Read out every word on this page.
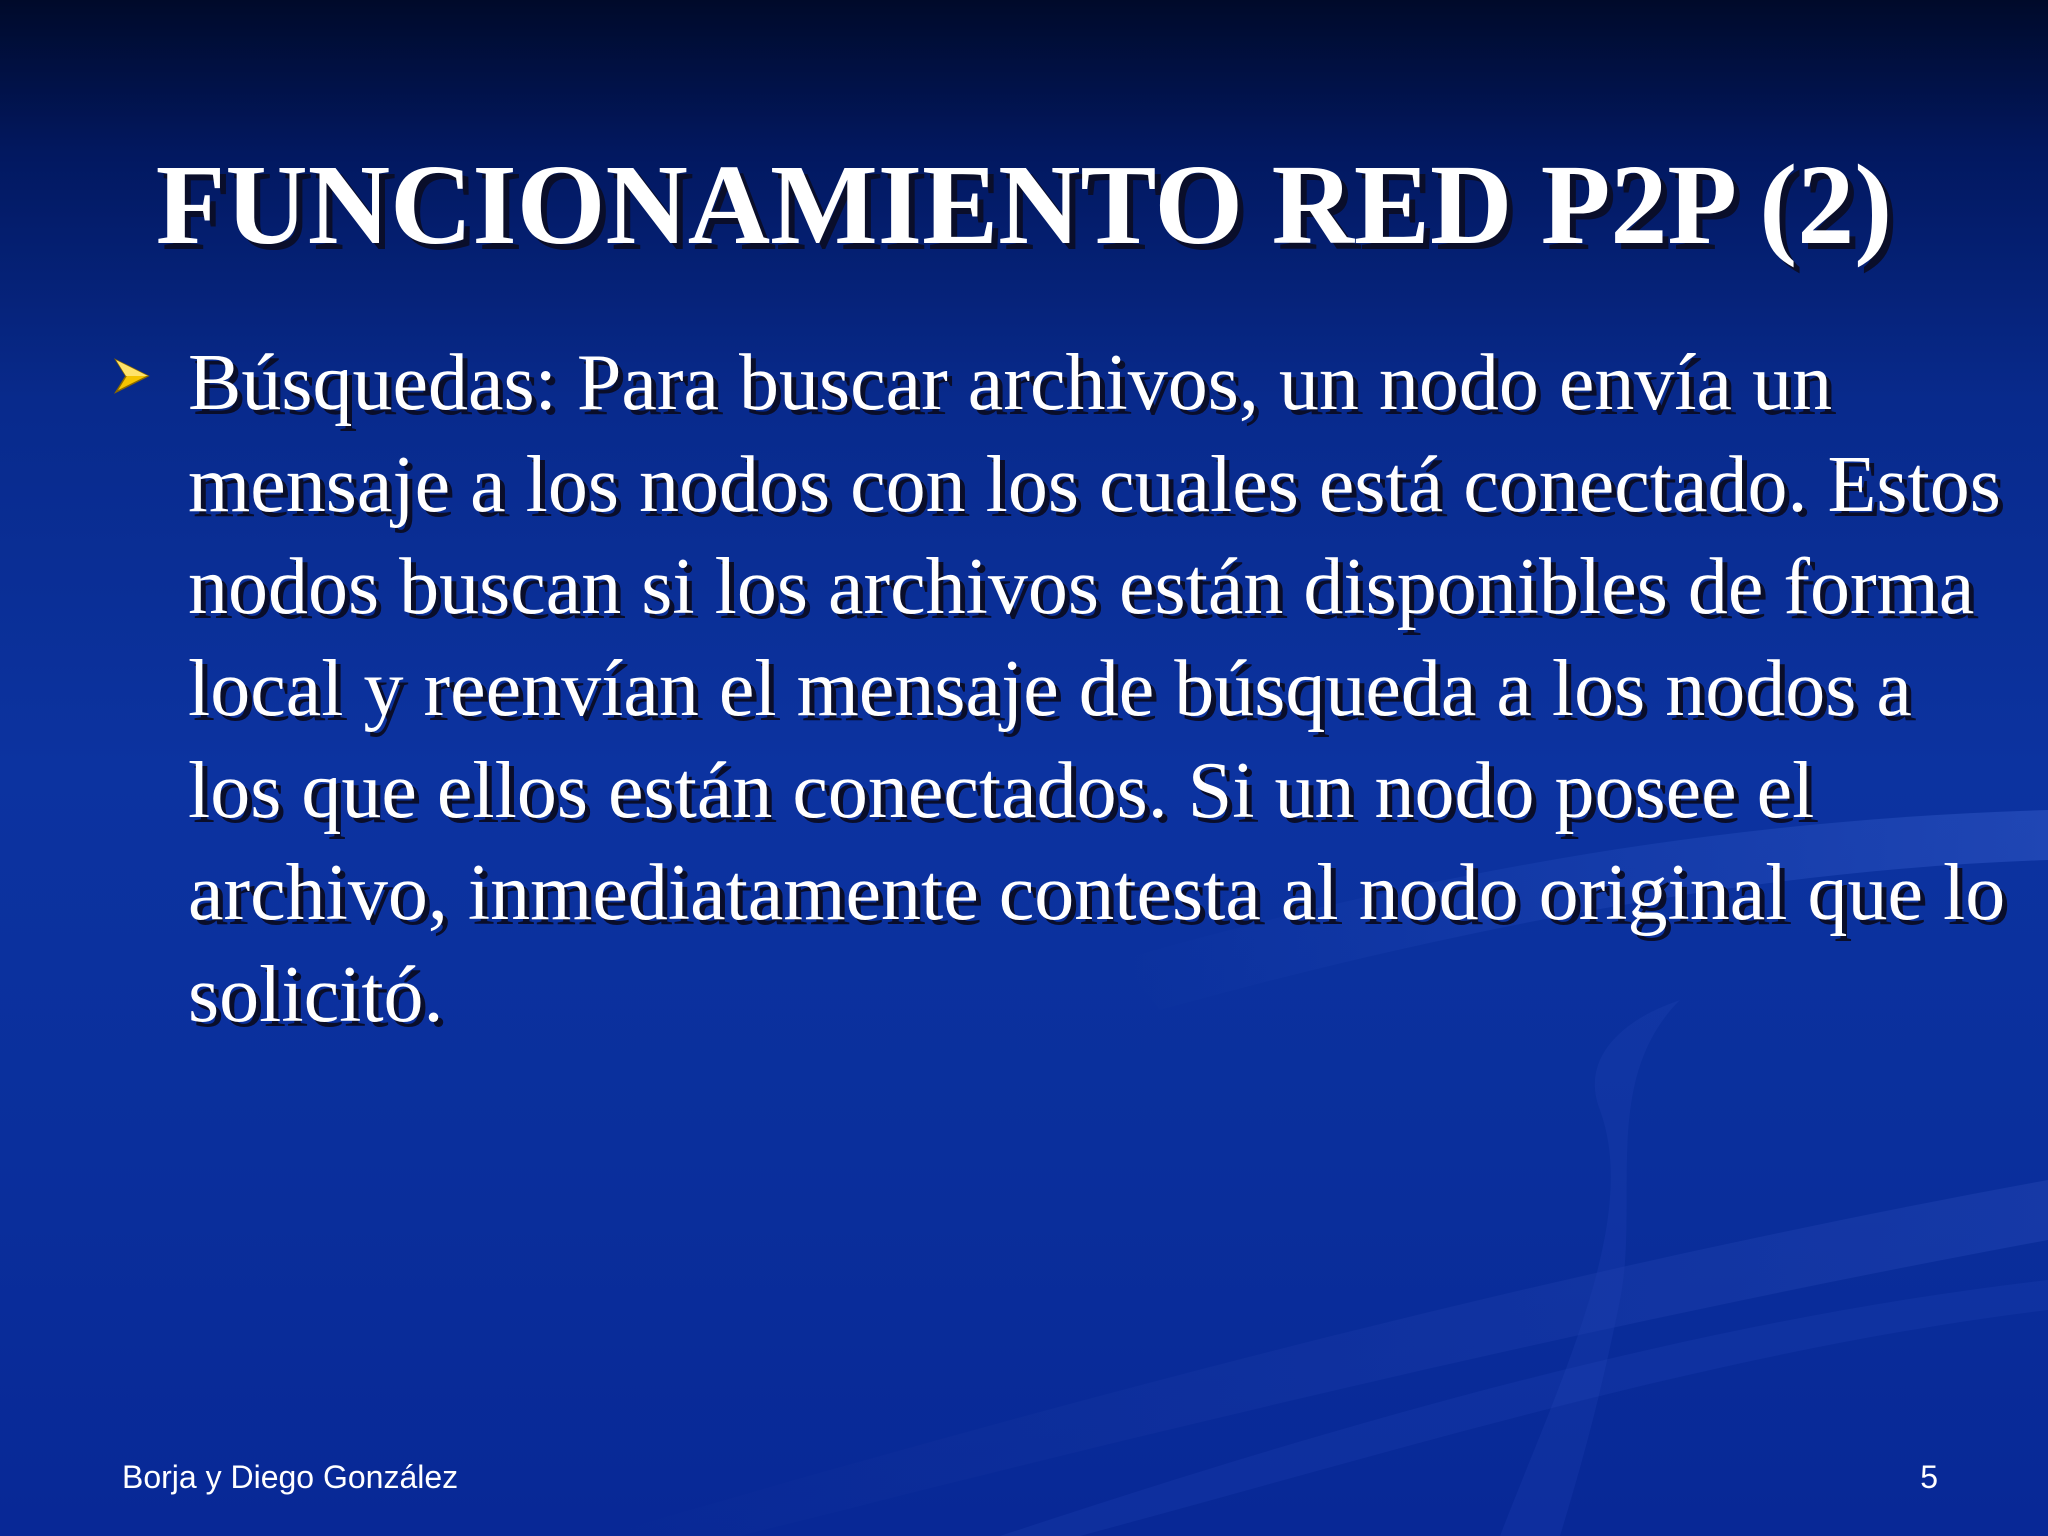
FUNCIONAMIENTO RED P2P (2)

Búsquedas: Para buscar archivos, un nodo envía un mensaje a los nodos con los cuales está conectado. Estos nodos buscan si los archivos están disponibles de forma local y reenvían el mensaje de búsqueda a los nodos a los que ellos están conectados. Si un nodo posee el archivo, inmediatamente contesta al nodo original que lo solicitó.

Borja y Diego González	5
